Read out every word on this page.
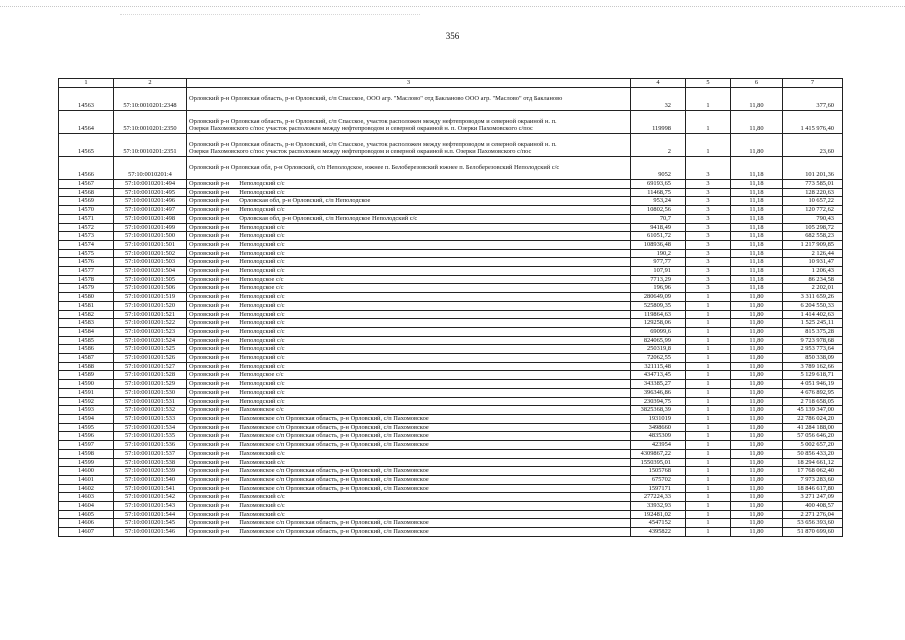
356
1	2	3	4	5	6	7
14563	57:10:0010201:2348	Орловский р-н Орловская область, р-н Орловский, с/п Спасское, ООО агр. "Маслово" отд Бакланово ООО агр. "Маслово" отд Бакланово	32	1	11,80	377,60
14564	57:10:0010201:2350	Орловский р-н Орловская область, р-н Орловский, с/п Спасское, участок расположен между нефтепроводом и северной окраиной н. п.
Озерки Пахомовского с/пос участок расположен между нефтепроводом и северной окраиной н. п. Озерки Пахомовского с/пос	119998	1	11,80	1 415 976,40
14565	57:10:0010201:2351	Орловский р-н Орловская область, р-н Орловский, с/п Спасское, участок расположен между нефтепроводом и северной окраиной н. п.
Озерки Пахомовского с/пос участок расположен между нефтепроводом и северной окраиной н.п. Озерки Пахомовского с/пос	2	1	11,80	23,60
14566	57:10:0010201:4	Орловский р-н Орловская обл, р-н Орловский, с/п Неполодское, южнее п. Белоберезовский южнее п. Белоберезовский Неполодский с/с	9052	3	11,18	101 201,36
14567	57:10:0010201:494	Орловский р-н Неполодский с/с	69193,65	3	11,18	773 585,01
14568	57:10:0010201:495	Орловский р-н Неполодский с/с	11468,75	3	11,18	128 220,63
14569	57:10:0010201:496	Орловский р-н Орловская обл, р-н Орловский, с/п Неполодское	953,24	3	11,18	10 657,22
14570	57:10:0010201:497	Орловский р-н Неполодский с/с	10802,56	3	11,18	120 772,62
14571	57:10:0010201:498	Орловский р-н Орловская обл, р-н Орловский, с/п Неполодское Неполодский с/с	70,7	3	11,18	790,43
14572	57:10:0010201:499	Орловский р-н Неполодский с/с	9418,49	3	11,18	105 298,72
14573	57:10:0010201:500	Орловский р-н Неполодский с/с	61051,72	3	11,18	682 558,23
14574	57:10:0010201:501	Орловский р-н Неполодский с/с	108936,48	3	11,18	1 217 909,85
14575	57:10:0010201:502	Орловский р-н Неполодский с/с	190,2	3	11,18	2 126,44
14576	57:10:0010201:503	Орловский р-н Неполодский с/с	977,77	3	11,18	10 931,47
14577	57:10:0010201:504	Орловский р-н Неполодский с/с	107,91	3	11,18	1 206,43
14578	57:10:0010201:505	Орловский р-н Неполодское с/с	7713,29	3	11,18	86 234,58
14579	57:10:0010201:506	Орловский р-н Неполодское с/с	196,96	3	11,18	2 202,01
14580	57:10:0010201:519	Орловский р-н Неполодский с/с	280649,09	1	11,80	3 311 659,26
14581	57:10:0010201:520	Орловский р-н Неполодский с/с	525809,35	1	11,80	6 204 550,33
14582	57:10:0010201:521	Орловский р-н Неполодский с/с	119864,63	1	11,80	1 414 402,63
14583	57:10:0010201:522	Орловский р-н Неполодский с/с	129258,06	1	11,80	1 525 245,11
14584	57:10:0010201:523	Орловский р-н Неполодский с/с	69099,6	1	11,80	815 375,28
14585	57:10:0010201:524	Орловский р-н Неполодский с/с	824065,99	1	11,80	9 723 978,68
14586	57:10:0010201:525	Орловский р-н Неполодский с/с	250319,8	1	11,80	2 953 773,64
14587	57:10:0010201:526	Орловский р-н Неполодский с/с	72062,55	1	11,80	850 338,09
14588	57:10:0010201:527	Орловский р-н Неполодский с/с	321115,48	1	11,80	3 789 162,66
14589	57:10:0010201:528	Орловский р-н Неполодское с/с	434713,45	1	11,80	5 129 618,71
14590	57:10:0010201:529	Орловский р-н Неполодский с/с	343385,27	1	11,80	4 051 946,19
14591	57:10:0010201:530	Орловский р-н Неполодский с/с	396346,86	1	11,80	4 676 892,95
14592	57:10:0010201:531	Орловский р-н Неполодский с/с	230394,75	1	11,80	2 718 658,05
14593	57:10:0010201:532	Орловский р-н Пахомовское с/с	3825368,39	1	11,80	45 139 347,00
14594	57:10:0010201:533	Орловский р-н Пахомовское с/п Орловская область, р-н Орловский, с/п Пахомовское	1931019	1	11,80	22 786 024,20
14595	57:10:0010201:534	Орловский р-н Пахомовское с/п Орловская область, р-н Орловский, с/п Пахомовское	3498660	1	11,80	41 284 188,00
14596	57:10:0010201:535	Орловский р-н Пахомовское с/п Орловская область, р-н Орловский, с/п Пахомовское	4835309	1	11,80	57 056 646,20
14597	57:10:0010201:536	Орловский р-н Пахомовское с/п Орловская область, р-н Орловский, с/п Пахомовское	423954	1	11,80	5 002 657,20
14598	57:10:0010201:537	Орловский р-н Пахомовский с/с	4309867,22	1	11,80	50 856 433,20
14599	57:10:0010201:538	Орловский р-н Пахомовский с/с	1550395,01	1	11,80	18 294 661,12
14600	57:10:0010201:539	Орловский р-н Пахомовское с/п Орловская область, р-н Орловский, с/п Пахомовское	1505768	1	11,80	17 768 062,40
14601	57:10:0010201:540	Орловский р-н Пахомовское с/п Орловская область, р-н Орловский, с/п Пахомовское	675702	1	11,80	7 973 283,60
14602	57:10:0010201:541	Орловский р-н Пахомовское с/п Орловская область, р-н Орловский, с/п Пахомовское	1597171	1	11,80	18 846 617,80
14603	57:10:0010201:542	Орловский р-н Пахомовский с/с	277224,33	1	11,80	3 271 247,09
14604	57:10:0010201:543	Орловский р-н Пахомовский с/с	33932,93	1	11,80	400 408,57
14605	57:10:0010201:544	Орловский р-н Пахомовский с/с	192481,02	1	11,80	2 271 276,04
14606	57:10:0010201:545	Орловский р-н Пахомовское с/п Орловская область, р-н Орловский, с/п Пахомовское	4547152	1	11,80	53 656 393,60
14607	57:10:0010201:546	Орловский р-н Пахомовское с/п Орловская область, р-н Орловский, с/п Пахомовское	4395822	1	11,80	51 870 699,60
